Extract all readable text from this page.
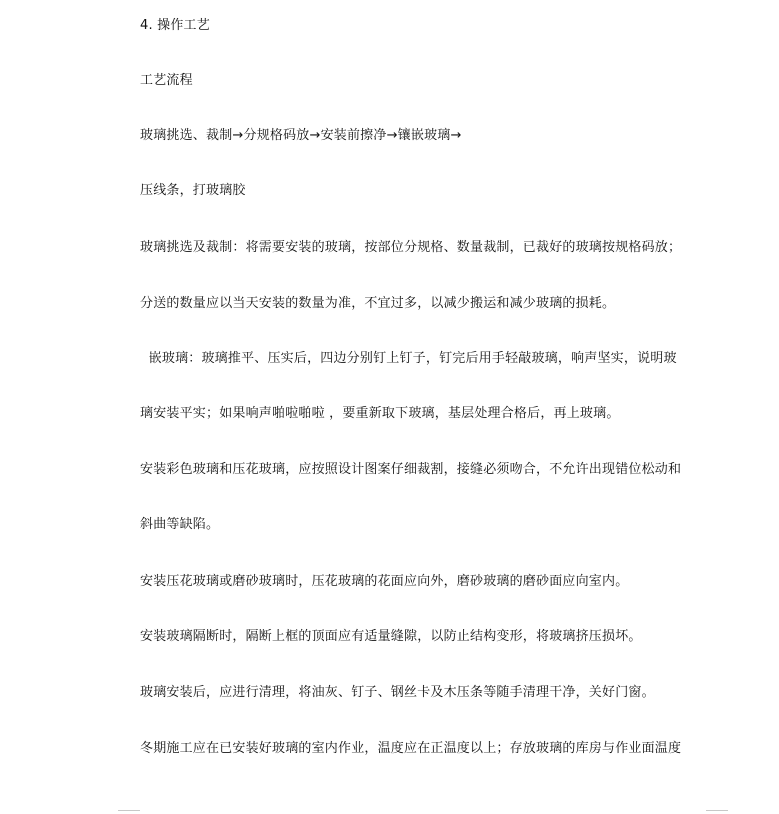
4. 操作工艺
工艺流程
玻璃挑选、裁制→分规格码放→安装前擦净→镶嵌玻璃→
压线条，打玻璃胶
玻璃挑选及裁制：将需要安装的玻璃，按部位分规格、数量裁制，已裁好的玻璃按规格码放；
分送的数量应以当天安装的数量为准，不宜过多，以减少搬运和减少玻璃的损耗。
嵌玻璃：玻璃推平、压实后，四边分别钉上钉子，钉完后用手轻敲玻璃，响声坚实，说明玻
璃安装平实；如果响声啪啦啪啦 ，要重新取下玻璃，基层处理合格后，再上玻璃。
安装彩色玻璃和压花玻璃，应按照设计图案仔细裁割，接缝必须吻合，不允许出现错位松动和
斜曲等缺陷。
安装压花玻璃或磨砂玻璃时，压花玻璃的花面应向外，磨砂玻璃的磨砂面应向室内。
安装玻璃隔断时，隔断上框的顶面应有适量缝隙，以防止结构变形，将玻璃挤压损坏。
玻璃安装后，应进行清理，将油灰、钉子、钢丝卡及木压条等随手清理干净，关好门窗。
冬期施工应在已安装好玻璃的室内作业，温度应在正温度以上；存放玻璃的库房与作业面温度
